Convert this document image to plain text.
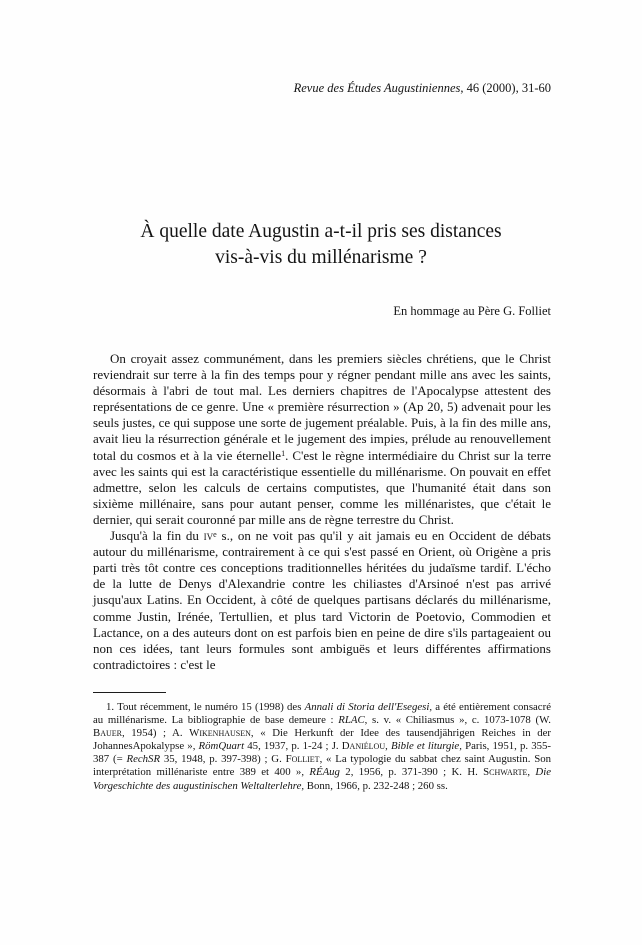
Revue des Études Augustiniennes, 46 (2000), 31-60
À quelle date Augustin a-t-il pris ses distances
vis-à-vis du millénarisme ?
En hommage au Père G. Folliet

On croyait assez communément, dans les premiers siècles chrétiens, que le Christ reviendrait sur terre à la fin des temps pour y régner pendant mille ans avec les saints, désormais à l'abri de tout mal. Les derniers chapitres de l'Apocalypse attestent des représentations de ce genre. Une « première résurrection » (Ap 20, 5) advenait pour les seuls justes, ce qui suppose une sorte de jugement préalable. Puis, à la fin des mille ans, avait lieu la résurrection générale et le jugement des impies, prélude au renouvellement total du cosmos et à la vie éternelle$^1$. C'est le règne intermédiaire du Christ sur la terre avec les saints qui est la caractéristique essentielle du millénarisme. On pouvait en effet admettre, selon les calculs de certains computistes, que l'humanité était dans son sixième millénaire, sans pour autant penser, comme les millénaristes, que c'était le dernier, qui serait couronné par mille ans de règne terrestre du Christ.

Jusqu'à la fin du $iv^e$ s., on ne voit pas qu'il y ait jamais eu en Occident de débats autour du millénarisme, contrairement à ce qui s'est passé en Orient, où Origène a pris parti très tôt contre ces conceptions traditionnelles héritées du judaïsme tardif. L'écho de la lutte de Denys d'Alexandrie contre les chiliastes d'Arsinoé n'est pas arrivé jusqu'aux Latins. En Occident, à côté de quelques partisans déclarés du millénarisme, comme Justin, Irénée, Tertullien, et plus tard Victorin de Poetovio, Commodien et Lactance, on a des auteurs dont on est parfois bien en peine de dire s'ils partageaient ou non ces idées, tant leurs formules sont ambiguës et leurs différentes affirmations contradictoires : c'est le

1. Tout récemment, le numéro 15 (1998) des Annali di Storia dell'Esegesi, a été entièrement consacré au millénarisme. La bibliographie de base demeure : RLAC, s. v. « Chiliasmus », c. 1073-1078 (W. Bauer, 1954) ; A. Wikenhausen, « Die Herkunft der Idee des tausendjährigen Reiches in der JohannesApokalypse », RömQuart 45, 1937, p. 1-24 ; J. Daniélou, Bible et liturgie, Paris, 1951, p. 355-387 (= RechSR 35, 1948, p. 397-398) ; G. Folliet, « La typologie du sabbat chez saint Augustin. Son interprétation millénariste entre 389 et 400 », RÉAug 2, 1956, p. 371-390 ; K. H. Schwarte, Die Vorgeschichte des augustinischen Weltalterlehre, Bonn, 1966, p. 232-248 ; 260 ss.
